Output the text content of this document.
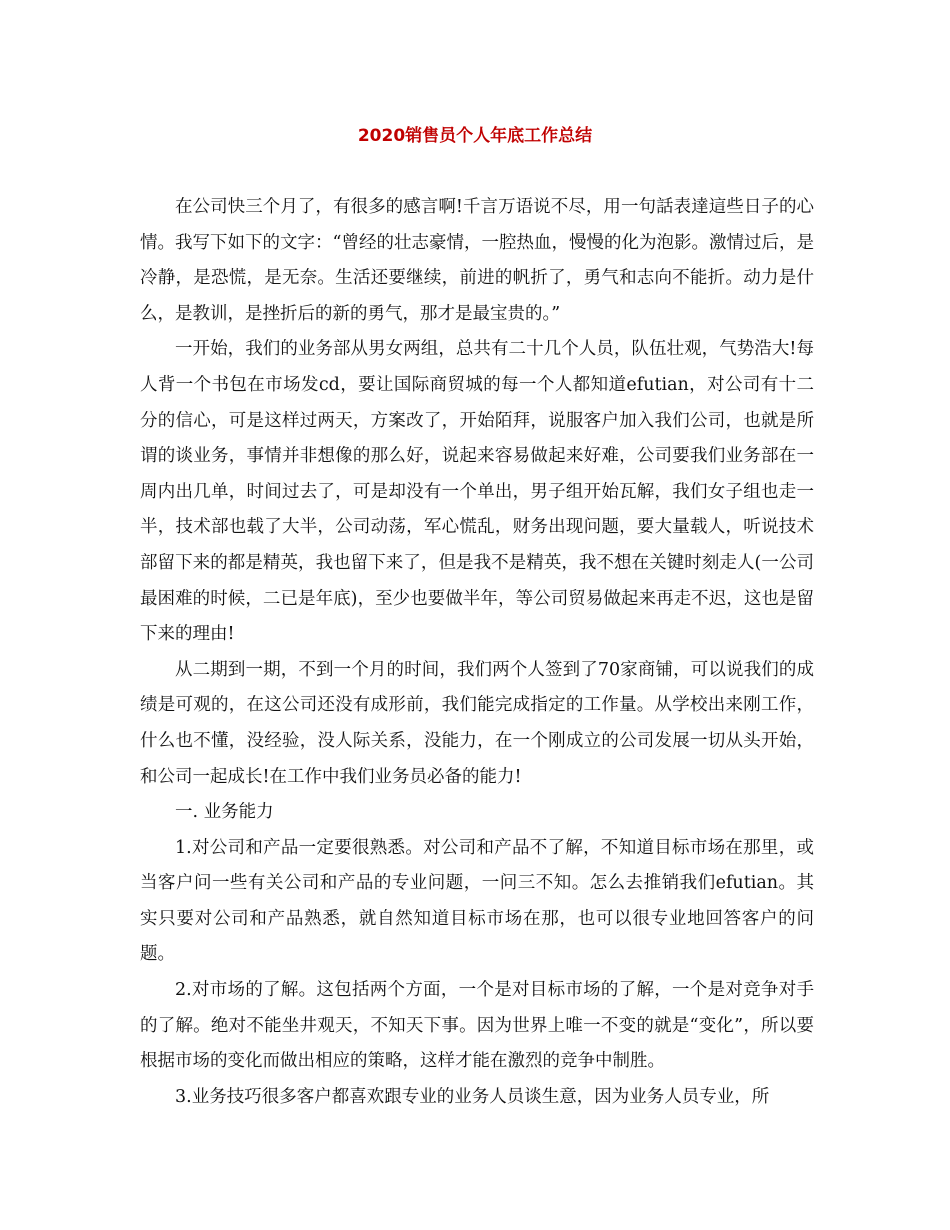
2020销售员个人年底工作总结

在公司快三个月了，有很多的感言啊!千言万语说不尽，用一句話表達這些日子的心情。我写下如下的文字：“曾经的壮志豪情，一腔热血，慢慢的化为泡影。激情过后，是冷静，是恐慌，是无奈。生活还要继续，前进的帆折了，勇气和志向不能折。动力是什么，是教训，是挫折后的新的勇气，那才是最宝贵的。”

一开始，我们的业务部从男女两组，总共有二十几个人员，队伍壮观，气势浩大!每人背一个书包在市场发cd，要让国际商贸城的每一个人都知道efutian，对公司有十二分的信心，可是这样过两天，方案改了，开始陌拜，说服客户加入我们公司，也就是所谓的谈业务，事情并非想像的那么好，说起来容易做起来好难，公司要我们业务部在一周内出几单，时间过去了，可是却没有一个单出，男子组开始瓦解，我们女子组也走一半，技术部也载了大半，公司动荡，军心慌乱，财务出现问题，要大量载人，听说技术部留下来的都是精英，我也留下来了，但是我不是精英，我不想在关键时刻走人(一公司最困难的时候，二已是年底)，至少也要做半年，等公司贸易做起来再走不迟，这也是留下来的理由!

从二期到一期，不到一个月的时间，我们两个人签到了70家商铺，可以说我们的成绩是可观的，在这公司还没有成形前，我们能完成指定的工作量。从学校出来刚工作，什么也不懂，没经验，没人际关系，没能力，在一个刚成立的公司发展一切从头开始，和公司一起成长!在工作中我们业务员必备的能力!

一. 业务能力

1.对公司和产品一定要很熟悉。对公司和产品不了解，不知道目标市场在那里，或当客户问一些有关公司和产品的专业问题，一问三不知。怎么去推销我们efutian。其实只要对公司和产品熟悉，就自然知道目标市场在那，也可以很专业地回答客户的问题。

2.对市场的了解。这包括两个方面，一个是对目标市场的了解，一个是对竞争对手的了解。绝对不能坐井观天，不知天下事。因为世界上唯一不变的就是“变化”，所以要根据市场的变化而做出相应的策略，这样才能在激烈的竞争中制胜。

3.业务技巧很多客户都喜欢跟专业的业务人员谈生意，因为业务人员专业，所
